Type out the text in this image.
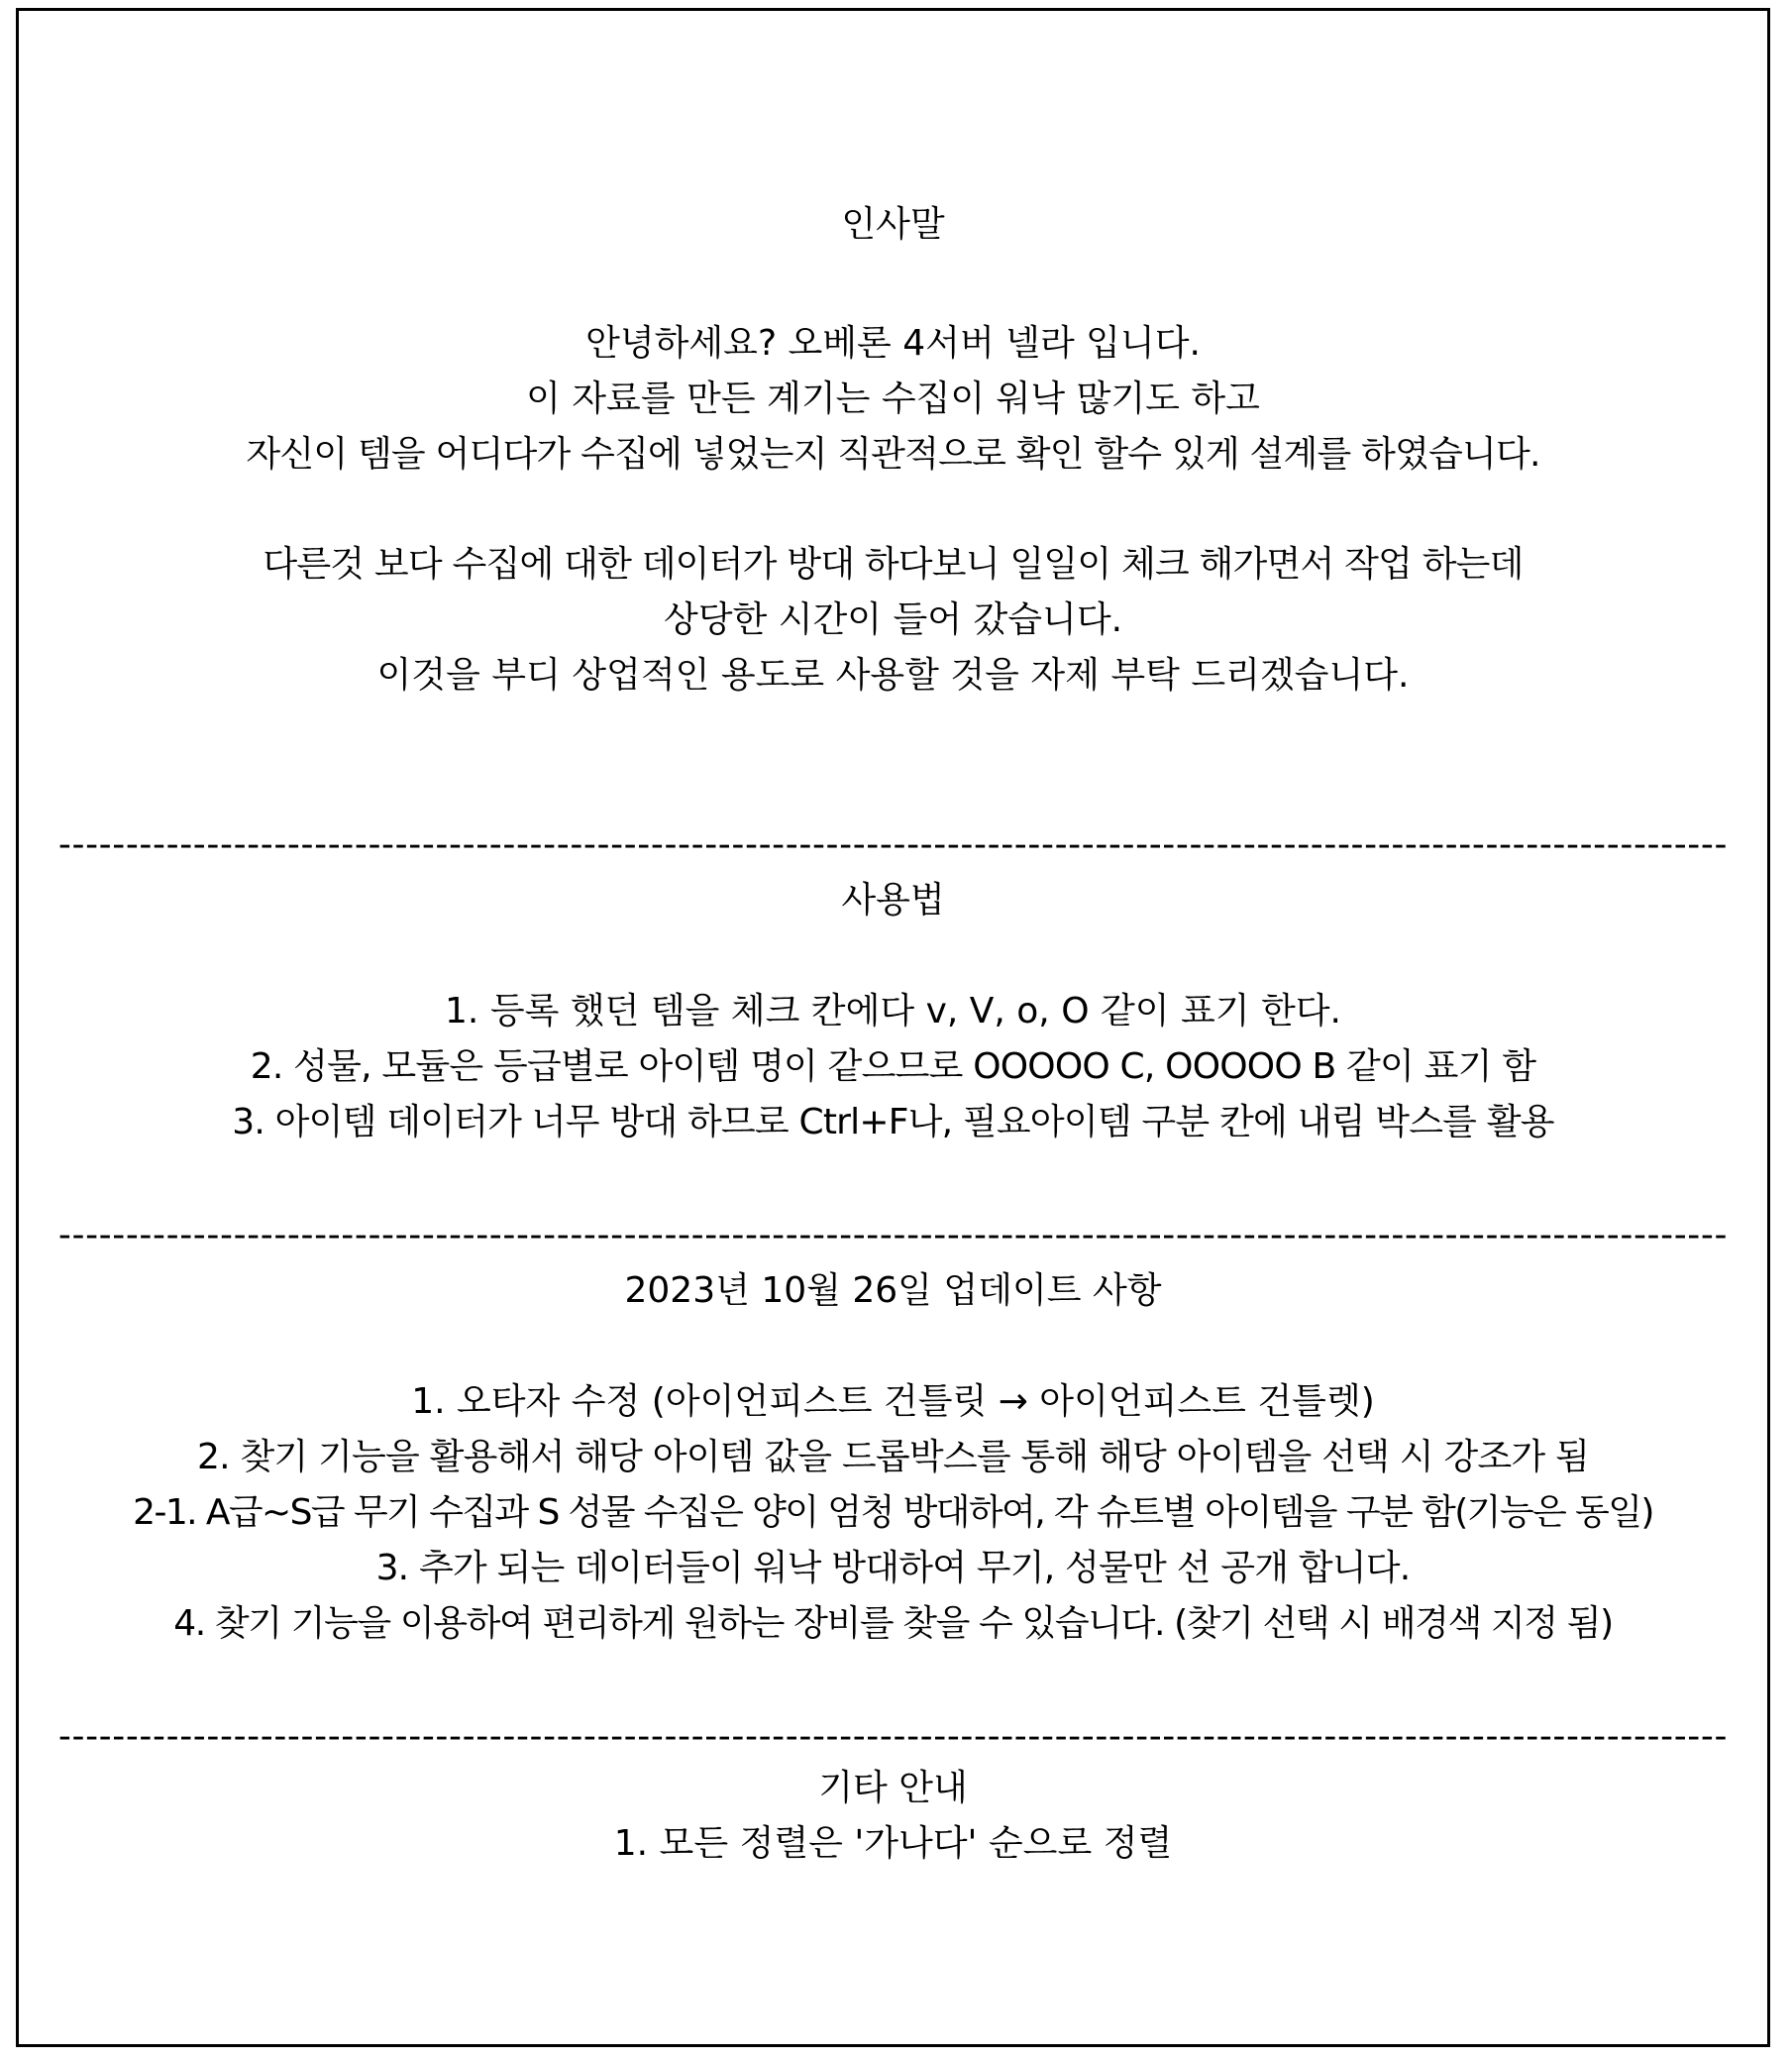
인사말
안녕하세요? 오베론 4서버 넬라 입니다.
이 자료를 만든 계기는 수집이 워낙 많기도 하고
자신이 템을 어디다가 수집에 넣었는지 직관적으로 확인 할수 있게 설계를 하였습니다.
다른것 보다 수집에 대한 데이터가 방대 하다보니 일일이 체크 해가면서 작업 하는데
상당한 시간이 들어 갔습니다.
이것을 부디 상업적인 용도로 사용할 것을 자제 부탁 드리겠습니다.
----------------------------------------------------------------------------------------------------------------------------
사용법
1. 등록 했던 템을 체크 칸에다 v, V, o, O 같이 표기 한다.
2. 성물, 모듈은 등급별로 아이템 명이 같으므로 OOOOO C, OOOOO B 같이 표기 함
3. 아이템 데이터가 너무 방대 하므로 Ctrl+F나, 필요아이템 구분 칸에 내림 박스를 활용
----------------------------------------------------------------------------------------------------------------------------
2023년 10월 26일 업데이트 사항
1. 오타자 수정 (아이언피스트 건틀릿 → 아이언피스트 건틀렛)
2. 찾기 기능을 활용해서 해당 아이템 값을 드롭박스를 통해 해당 아이템을 선택 시 강조가 됨
2-1. A급~S급 무기 수집과 S 성물 수집은 양이 엄청 방대하여, 각 슈트별 아이템을 구분 함(기능은 동일)
3. 추가 되는 데이터들이 워낙 방대하여 무기, 성물만 선 공개 합니다.
4. 찾기 기능을 이용하여 편리하게 원하는 장비를 찾을 수 있습니다. (찾기 선택 시 배경색 지정 됨)
----------------------------------------------------------------------------------------------------------------------------
기타 안내
1. 모든 정렬은 '가나다' 순으로 정렬
